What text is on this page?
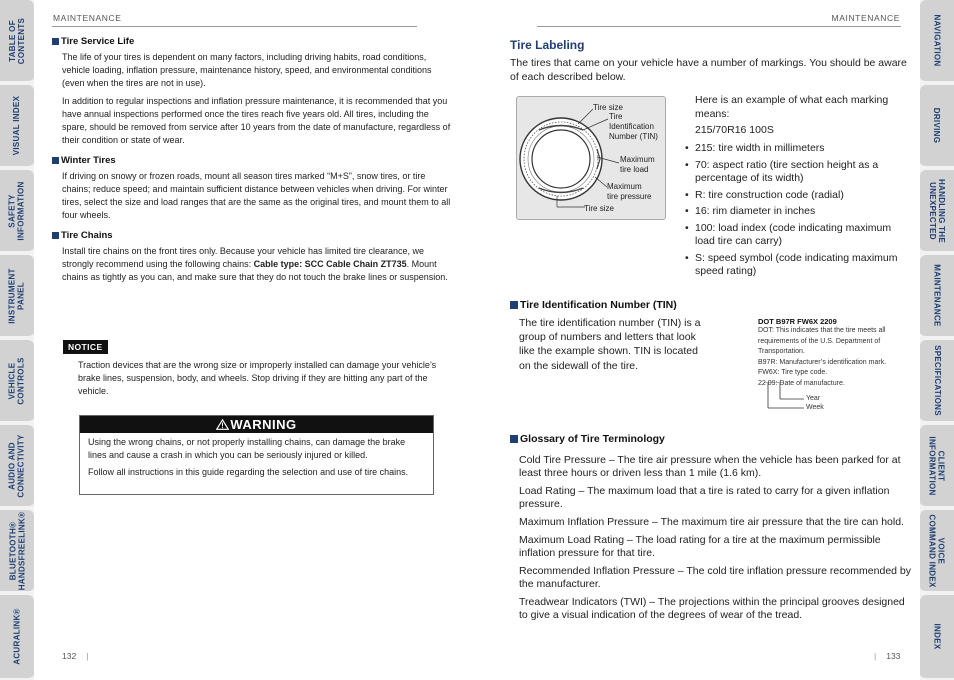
TABLE OF
CONTENTS
VISUAL INDEX
SAFETY
INFORMATION
INSTRUMENT
PANEL
VEHICLE
CONTROLS
AUDIO AND
CONNECTIVITY
BLUETOOTH®
HANDSFREELINK®
ACURALINK®
NAVIGATION
DRIVING
HANDLING THE
UNEXPECTED
MAINTENANCE
SPECIFICATIONS
CLIENT
INFORMATION
VOICE
COMMAND INDEX
INDEX
MAINTENANCE
Tire Service Life

The life of your tires is dependent on many factors, including driving habits, road conditions, vehicle loading, inflation pressure, maintenance history, speed, and environmental conditions (even when the tires are not in use).

In addition to regular inspections and inflation pressure maintenance, it is recommended that you have annual inspections performed once the tires reach five years old. All tires, including the spare, should be removed from service after 10 years from the date of manufacture, regardless of their condition or state of wear.

Winter Tires

If driving on snowy or frozen roads, mount all season tires marked “M+S”, snow tires, or tire chains; reduce speed; and maintain sufficient distance between vehicles when driving. For winter tires, select the size and load ranges that are the same as the original tires, and mount them to all four wheels.

Tire Chains

Install tire chains on the front tires only. Because your vehicle has limited tire clearance, we strongly recommend using the following chains: Cable type: SCC Cable Chain ZT735. Mount chains as tightly as you can, and make sure that they do not touch the brake lines or suspension.

NOTICE
Traction devices that are the wrong size or improperly installed can damage your vehicle’s brake lines, suspension, body, and wheels. Stop driving if they are hitting any part of the vehicle.
WARNING

Using the wrong chains, or not properly installing chains, can damage the brake lines and cause a crash in which you can be seriously injured or killed.

Follow all instructions in this guide regarding the selection and use of tire chains.

132 |
MAINTENANCE
Tire Labeling
The tires that came on your vehicle have a number of markings. You should be aware of each described below.
Tire size
Tire
Identification
Number (TIN)
Maximum
tire load
Maximum
tire pressure
Tire size
Here is an example of what each marking means:
215/70R16 100S
• 215: tire width in millimeters
• 70: aspect ratio (tire section height as a percentage of its width)
• R: tire construction code (radial)
• 16: rim diameter in inches
• 100: load index (code indicating maximum load tire can carry)
• S: speed symbol (code indicating maximum speed rating)
Tire Identification Number (TIN)
The tire identification number (TIN) is a group of numbers and letters that look like the example shown. TIN is located on the sidewall of the tire.
DOT B97R FW6X 2209
DOT: This indicates that the tire meets all requirements of the U.S. Department of Transportation.
B97R: Manufacturer’s identification mark.
FW6X: Tire type code.
22 09: Date of manufacture.
Year
Week
Glossary of Tire Terminology

Cold Tire Pressure – The tire air pressure when the vehicle has been parked for at least three hours or driven less than 1 mile (1.6 km).

Load Rating – The maximum load that a tire is rated to carry for a given inflation pressure.

Maximum Inflation Pressure – The maximum tire air pressure that the tire can hold.

Maximum Load Rating – The load rating for a tire at the maximum permissible inflation pressure for that tire.

Recommended Inflation Pressure – The cold tire inflation pressure recommended by the manufacturer.

Treadwear Indicators (TWI) – The projections within the principal grooves designed to give a visual indication of the degrees of wear of the tread.

| 133
